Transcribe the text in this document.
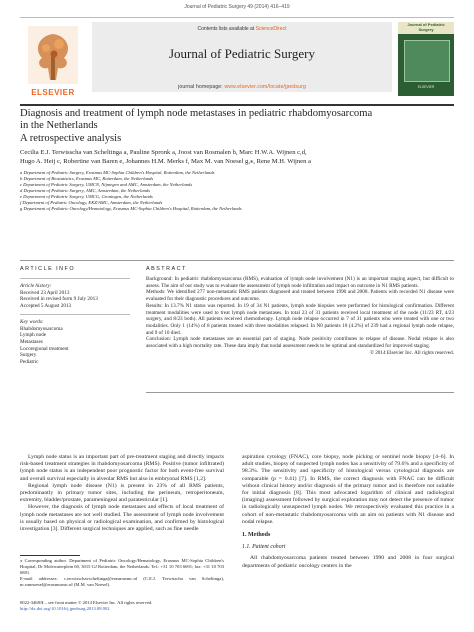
Journal of Pediatric Surgery 49 (2014) 416–419
ELSEVIER
Contents lists available at ScienceDirect
Journal of Pediatric Surgery
journal homepage: www.elsevier.com/locate/jpedsurg
Journal of Pediatric Surgery
ELSEVIER
Diagnosis and treatment of lymph node metastases in pediatric rhabdomyosarcoma
in the Netherlands
A retrospective analysis
Cecilia E.J. Terwisscha van Scheltinga a, Pauline Spronk a, Joost van Rosmalen b, Marc H.W.A. Wijnen c,d,
Hugo A. Heij c, Robertine van Baren e, Johannes H.M. Merks f, Max M. van Noesel g,⁎, Rene M.H. Wijnen a
a Department of Pediatric Surgery, Erasmus MC-Sophia Children's Hospital, Rotterdam, the Netherlands
b Department of Biostatistics, Erasmus MC, Rotterdam, the Netherlands
c Department of Pediatric Surgery, UMCN, Nijmegen and AMC, Amsterdam, the Netherlands
d Department of Pediatric Surgery, AMC, Amsterdam, the Netherlands
e Department of Pediatric Surgery, UMCG, Groningen, the Netherlands
f Department of Pediatric Oncology, EKZ/AMC, Amsterdam, the Netherlands
g Department of Pediatric Oncology/Hematology, Erasmus MC-Sophia Children's Hospital, Rotterdam, the Netherlands
ARTICLE INFO	ABSTRACT
Article history:
Received 23 April 2013
Received in revised form 9 July 2013
Accepted 5 August 2013
Key words:
Rhabdomyosarcoma
Lymph node
Metastases
Locoregional treatment
Surgery
Pediatric

Background: In pediatric rhabdomyosarcoma (RMS), evaluation of lymph node involvement (N1) is an important staging aspect, but difficult to assess. The aim of our study was to evaluate the assessment of lymph node infiltration and impact on outcome in N1 RMS patients.

Methods: We identified 277 non-metastatic RMS patients diagnosed and treated between 1990 and 2008. Patients with recorded N1 disease were evaluated for their diagnostic procedures and outcome.

Results: In 13.7% N1 status was reported. In 19 of 34 N1 patients, lymph node biopsies were performed for histological confirmation. Different treatment modalities were used to treat lymph node metastases. In total 23 of 31 patients received local treatment of the node (11/23 RT, 4/23 surgery, and 8/23 both). All patients received chemotherapy. Lymph node relapse occurred in 7 of 31 patients who were treated with one or two modalities. Only 1 (14%) of 8 patients treated with three modalities relapsed. In N0 patients 10 (4.2%) of 239 had a regional lymph node relapse, and 9 of 10 died.

Conclusion: Lymph node metastases are an essential part of staging. Node positivity contributes to relapse of disease. Nodal relapse is also associated with a high mortality rate. These data imply that nodal assessment needs to be optimal and standardized for improved staging.

© 2014 Elsevier Inc. All rights reserved.

Lymph node status is an important part of pre-treatment staging and directly impacts risk-based treatment strategies in rhabdomyosarcoma (RMS). Positive (tumor infiltrated) lymph node status is an independent poor prognostic factor for both event-free survival and overall survival especially in alveolar RMS but also in embryonal RMS [1,2].

Regional lymph node disease (N1) is present in 23% of all RMS patients, predominantly in primary tumor sites, including the perineum, retroperitoneum, extremity, bladder/prostate, parameningeal and paratesticular [1].

However, the diagnosis of lymph node metastases and effects of local treatment of lymph node metastases are not well studied. The assessment of lymph node involvement is usually based on physical or radiological examination, and confirmed by histological investigation [3]. Different surgical techniques are applied, such as fine needle

aspiration cytology (FNAC), core biopsy, node picking or sentinel node biopsy [4–6]. In adult studies, biopsy of suspected lymph nodes has a sensitivity of 79.6% and a specificity of 98.3%. The sensitivity and specificity of histological versus cytological diagnosis are comparable (p = 0.41) [7]. In RMS, the correct diagnosis with FNAC can be difficult without clinical history and/or diagnosis of the primary tumor and is therefore not suitable for initial diagnosis [8]. This most advocated logarithm of clinical and radiological (imaging) assessment followed by surgical exploration may not detect the presence of tumor in radiologically unsuspected lymph nodes. We retrospectively evaluated this practice in a cohort of non-metastatic rhabdomyosarcoma with an aim on patients with N1 disease and nodal relapse.

1. Methods
1.1. Patient cohort

All rhabdomyosarcoma patients treated between 1990 and 2008 in four surgical departments of pediatric oncology centers in the

⁎ Corresponding author. Department of Pediatric Oncology/Hematology, Erasmus MC-Sophia Children's Hospital, Dr Molewaterplein 60, 3015 GJ Rotterdam, the Netherlands. Tel.: +31 10 703 6691; fax: +31 10 703 6801.
E-mail addresses: c.terwisschavscheltinga@erasmusmc.nl (C.E.J. Terwisscha van Scheltinga), m.vannoesel@erasmusmc.nl (M.M. van Noesel).
0022-3468/$ – see front matter © 2014 Elsevier Inc. All rights reserved.
http://dx.doi.org/10.1016/j.jpedsurg.2013.08.002
